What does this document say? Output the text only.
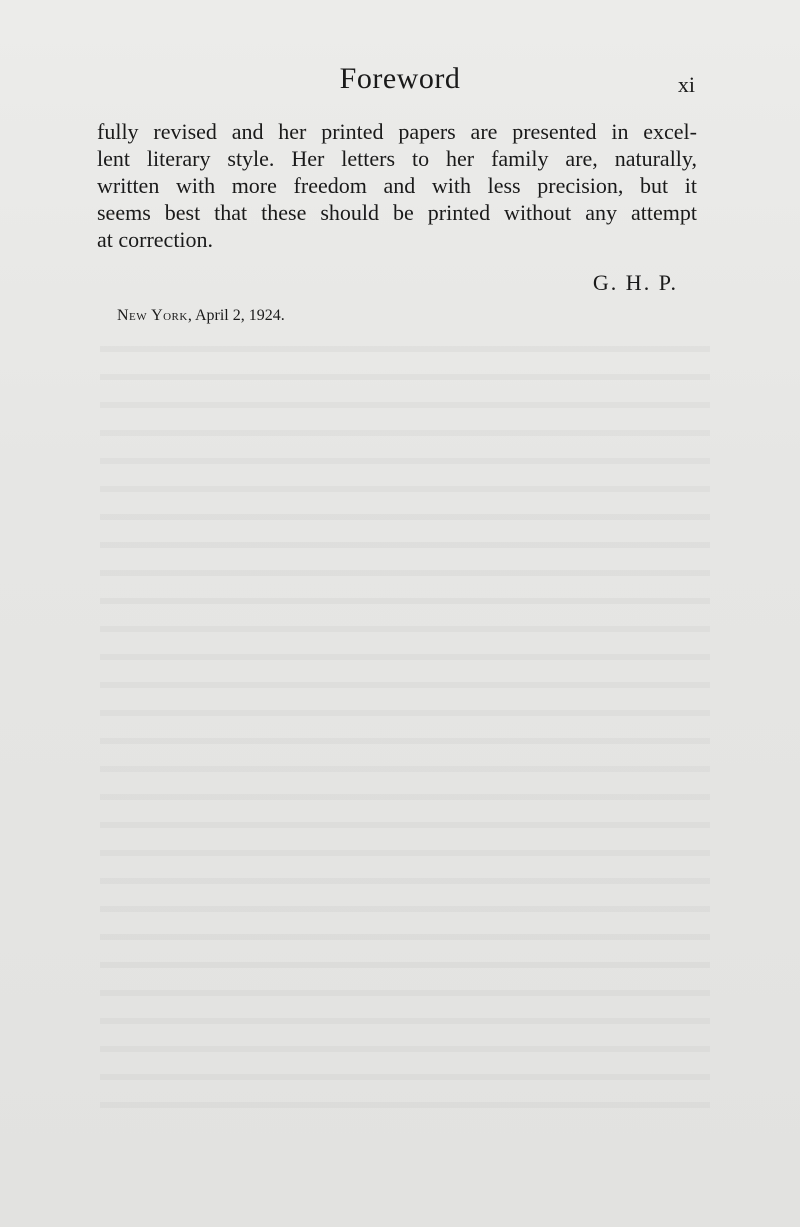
Foreword	xi
fully revised and her printed papers are presented in excel-
lent literary style. Her letters to her family are, naturally,
written with more freedom and with less precision, but it
seems best that these should be printed without any attempt
at correction.
G. H. P.
New York, April 2, 1924.
